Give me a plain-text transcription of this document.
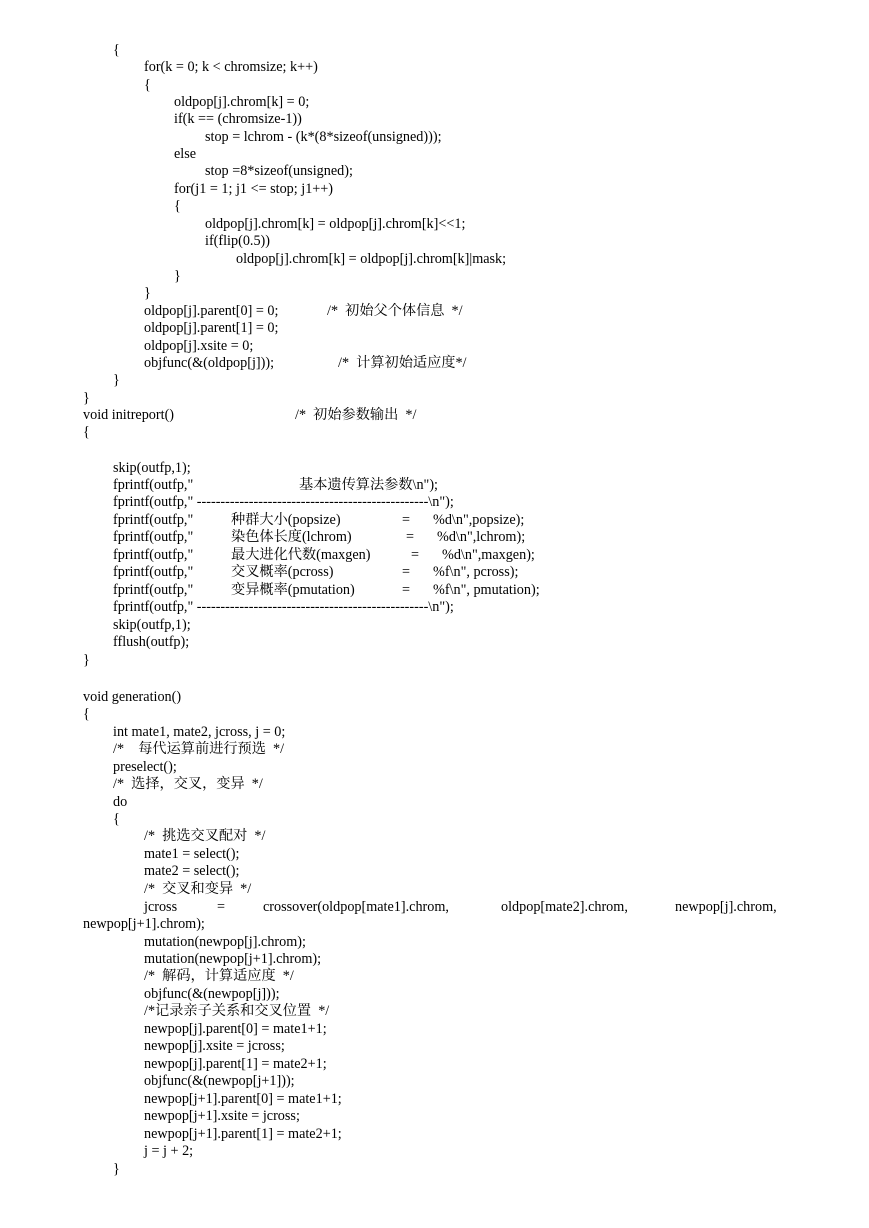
{
for(k = 0; k < chromsize; k++)
{
oldpop[j].chrom[k] = 0;
if(k == (chromsize-1))
stop = lchrom - (k*(8*sizeof(unsigned)));
else
stop =8*sizeof(unsigned);
for(j1 = 1; j1 <= stop; j1++)
{
oldpop[j].chrom[k] = oldpop[j].chrom[k]<<1;
if(flip(0.5))
oldpop[j].chrom[k] = oldpop[j].chrom[k]|mask;
}
}

oldpop[j].parent[0] = 0;

	/*  初始父个体信息  */

oldpop[j].parent[1] = 0;
oldpop[j].xsite = 0;

objfunc(&(oldpop[j]));

	/*  计算初始适应度*/

}
}

void initreport()

	/*  初始参数输出  */

{
skip(outfp,1);

fprintf(outfp,"

	基本遗传算法参数\n");

fprintf(outfp," -------------------------------------------------\n");

fprintf(outfp,"

	种群大小(popsize)

	=

%d\n",popsize);

fprintf(outfp,"

	染色体长度(lchrom)

	=

%d\n",lchrom);

fprintf(outfp,"

	最大进化代数(maxgen)

	=

%d\n",maxgen);

fprintf(outfp,"

	交叉概率(pcross)

	=

%f\n", pcross);

fprintf(outfp,"

	变异概率(pmutation)

	=

%f\n", pmutation);

fprintf(outfp," -------------------------------------------------\n");
skip(outfp,1);
fflush(outfp);
}
void generation()
{
int mate1, mate2, jcross, j = 0;
/*    每代运算前进行预选  */
preselect();
/*  选择，交叉，变异  */
do
{
/*  挑选交叉配对  */
mate1 = select();
mate2 = select();
/*  交叉和变异  */

jcross

	=

	crossover(oldpop[mate1].chrom,

	oldpop[mate2].chrom,

	newpop[j].chrom,

newpop[j+1].chrom);
mutation(newpop[j].chrom);
mutation(newpop[j+1].chrom);
/*  解码，计算适应度  */
objfunc(&(newpop[j]));
/*记录亲子关系和交叉位置  */
newpop[j].parent[0] = mate1+1;
newpop[j].xsite = jcross;
newpop[j].parent[1] = mate2+1;
objfunc(&(newpop[j+1]));
newpop[j+1].parent[0] = mate1+1;
newpop[j+1].xsite = jcross;
newpop[j+1].parent[1] = mate2+1;
j = j + 2;
}
